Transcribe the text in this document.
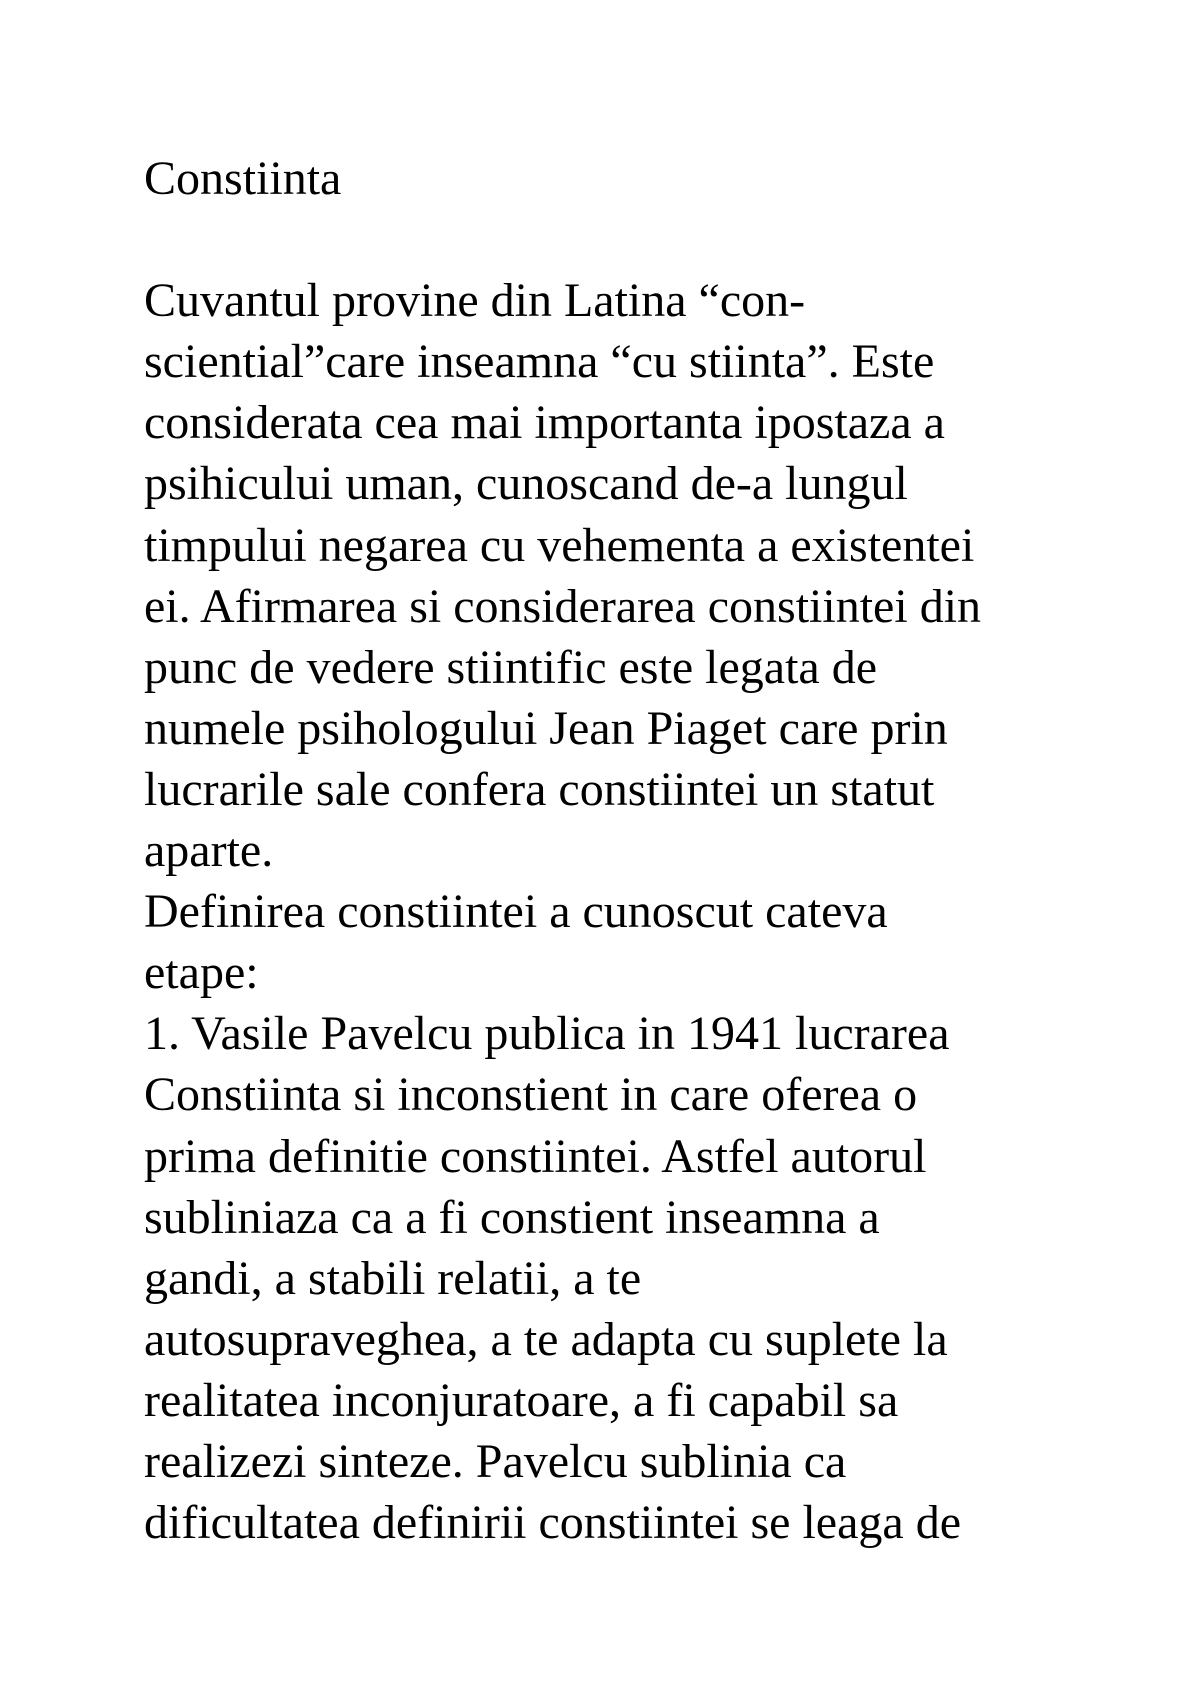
Constiinta
Cuvantul provine din Latina “con-
sciential”care inseamna “cu stiinta”. Este
considerata cea mai importanta ipostaza a
psihicului uman, cunoscand de-a lungul
timpului negarea cu vehementa a existentei
ei. Afirmarea si considerarea constiintei din
punc de vedere stiintific este legata de
numele psihologului Jean Piaget care prin
lucrarile sale confera constiintei un statut
aparte.
Definirea constiintei a cunoscut cateva
etape:
1. Vasile Pavelcu publica in 1941 lucrarea
Constiinta si inconstient in care oferea o
prima definitie constiintei. Astfel autorul
subliniaza ca a fi constient inseamna a
gandi, a stabili relatii, a te
autosupraveghea, a te adapta cu suplete la
realitatea inconjuratoare, a fi capabil sa
realizezi sinteze. Pavelcu sublinia ca
dificultatea definirii constiintei se leaga de
